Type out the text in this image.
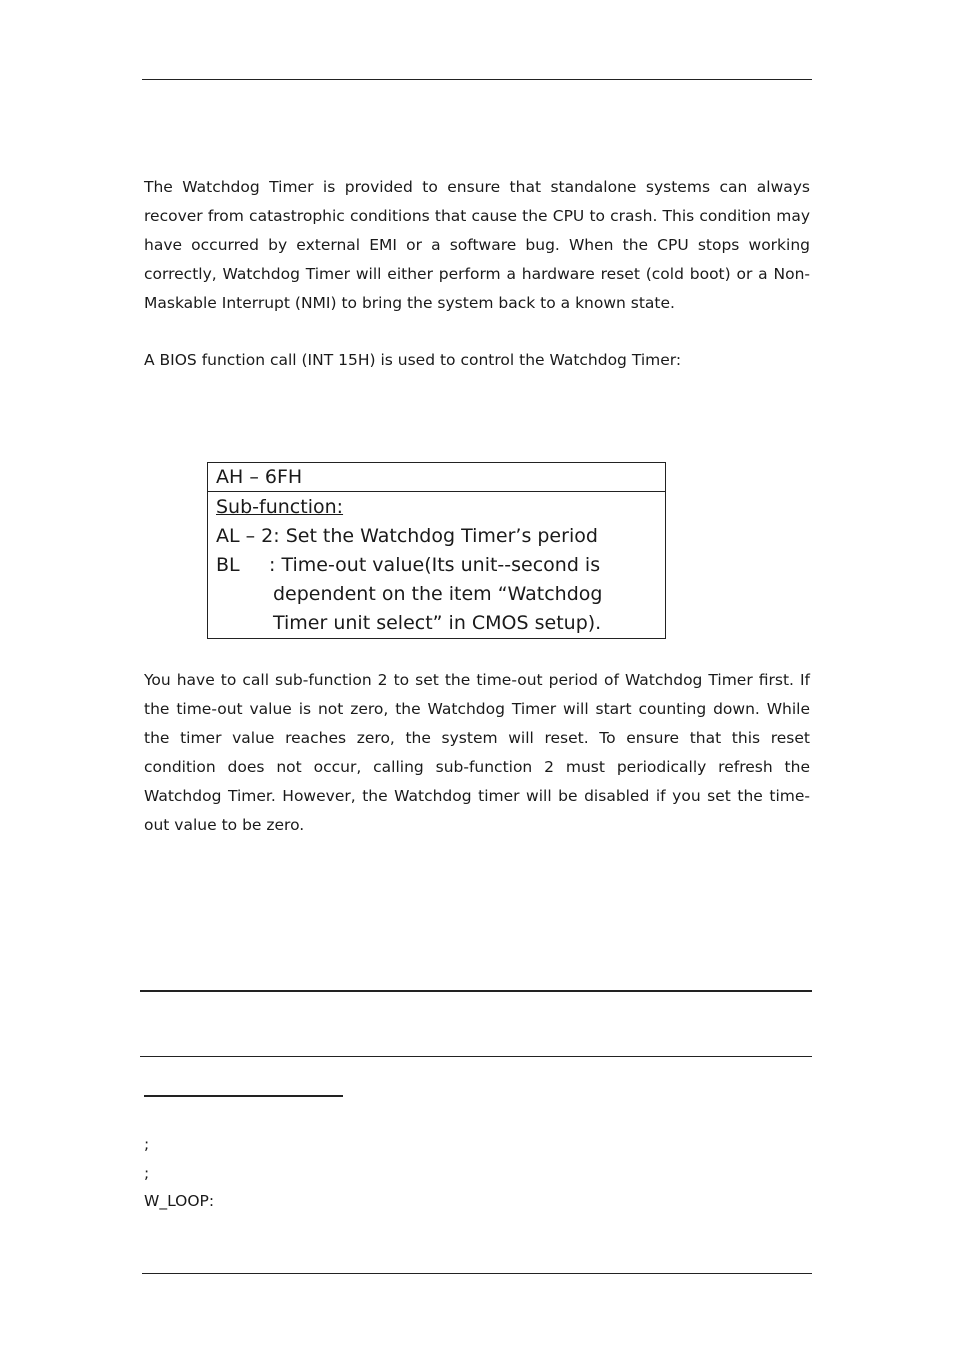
The Watchdog Timer is provided to ensure that standalone systems can always recover from catastrophic conditions that cause the CPU to crash. This condition may have occurred by external EMI or a software bug. When the CPU stops working correctly, Watchdog Timer will either perform a hardware reset (cold boot) or a Non-Maskable Interrupt (NMI) to bring the system back to a known state.

A BIOS function call (INT 15H) is used to control the Watchdog Timer:

AH – 6FH
Sub-function:
AL – 2: Set the Watchdog Timer’s period
BL	: Time-out value(Its unit--second is
dependent on the item “Watchdog
Timer unit select” in CMOS setup).

You have to call sub-function 2 to set the time-out period of Watchdog Timer first. If the time-out value is not zero, the Watchdog Timer will start counting down. While the timer value reaches zero, the system will reset. To ensure that this reset condition does not occur, calling sub-function 2 must periodically refresh the Watchdog Timer. However, the Watchdog timer will be disabled if you set the time-out value to be zero.

;
;
W_LOOP:
